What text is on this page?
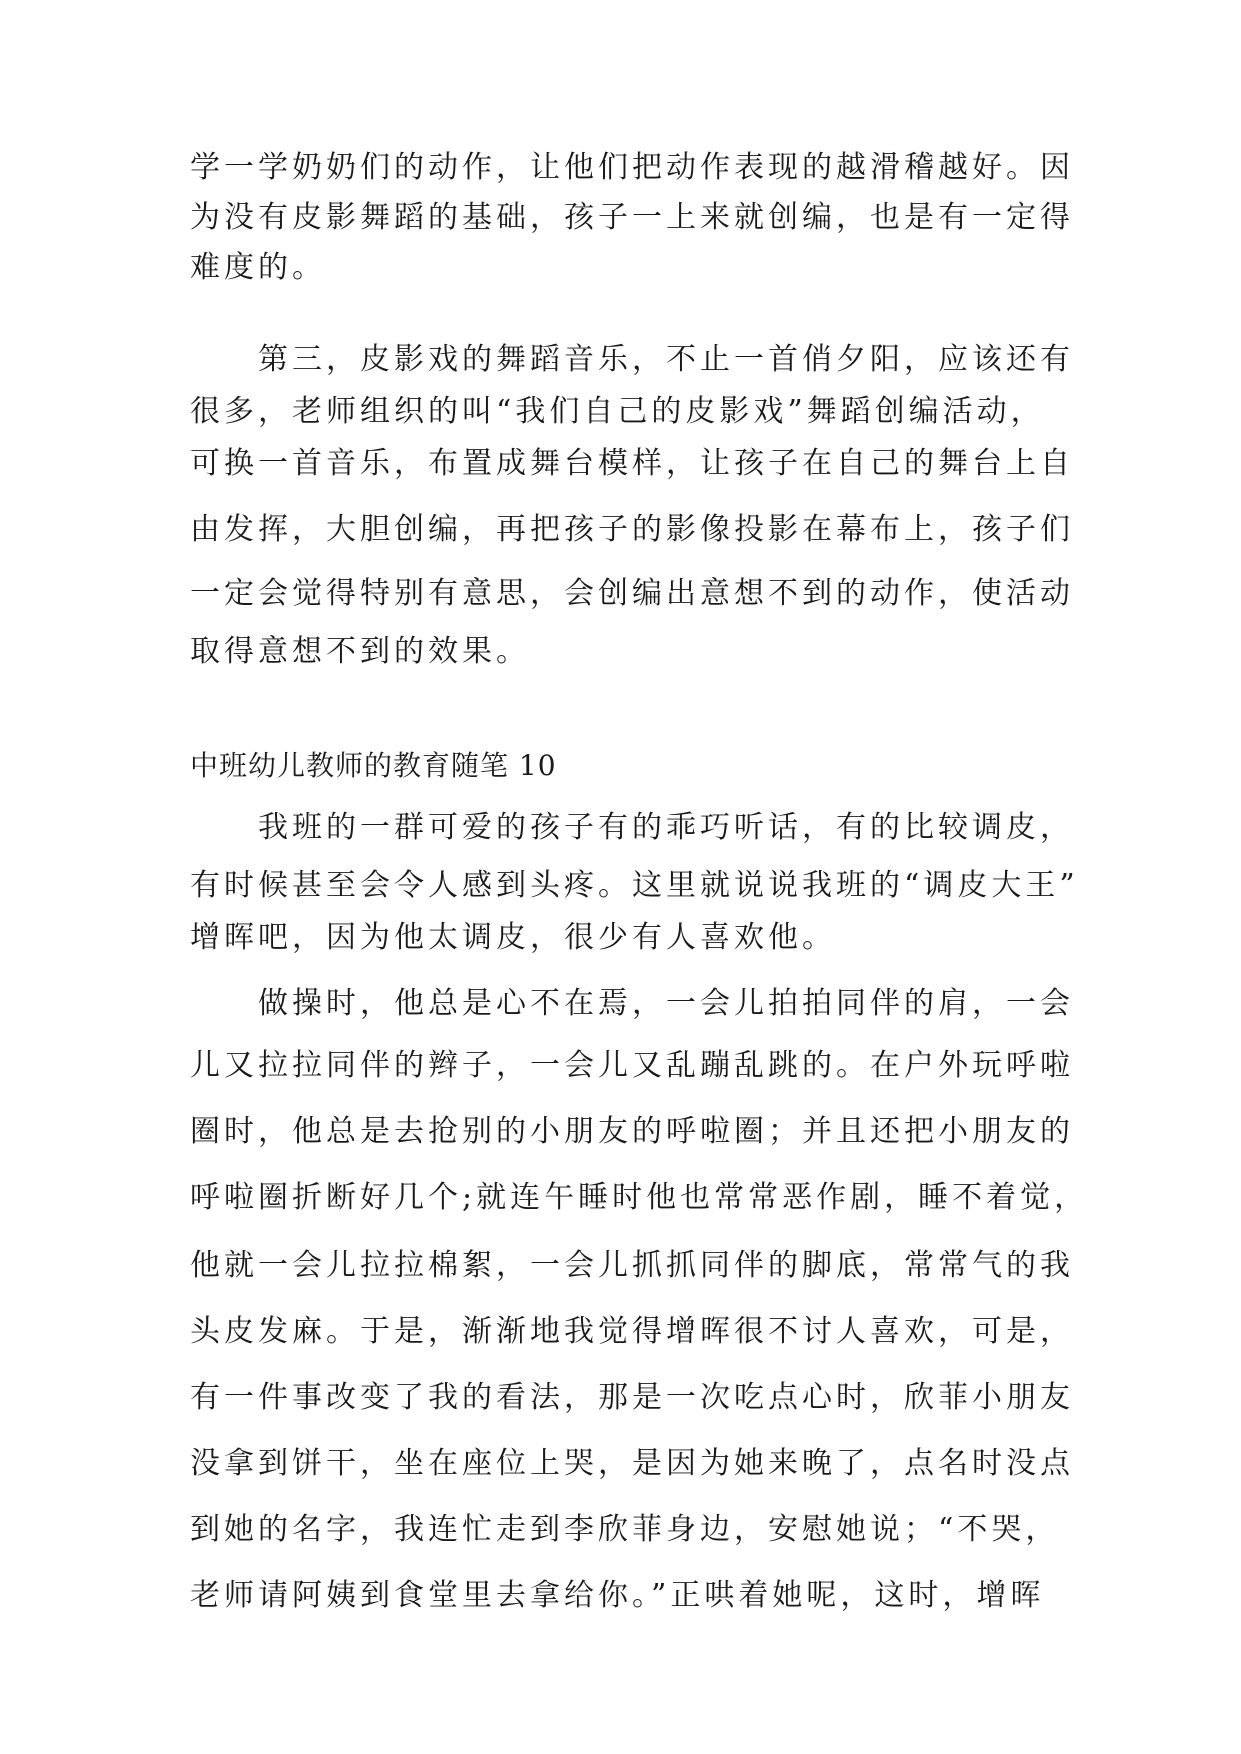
学一学奶奶们的动作，让他们把动作表现的越滑稽越好。因
为没有皮影舞蹈的基础，孩子一上来就创编，也是有一定得
难度的。
第三，皮影戏的舞蹈音乐，不止一首俏夕阳，应该还有
很多，老师组织的叫“我们自己的皮影戏”舞蹈创编活动，
可换一首音乐，布置成舞台模样，让孩子在自己的舞台上自
由发挥，大胆创编，再把孩子的影像投影在幕布上，孩子们
一定会觉得特别有意思，会创编出意想不到的动作，使活动
取得意想不到的效果。
中班幼儿教师的教育随笔 10
我班的一群可爱的孩子有的乖巧听话，有的比较调皮，
有时候甚至会令人感到头疼。这里就说说我班的“调皮大王”
增晖吧，因为他太调皮，很少有人喜欢他。
做操时，他总是心不在焉，一会儿拍拍同伴的肩，一会
儿又拉拉同伴的辫子，一会儿又乱蹦乱跳的。在户外玩呼啦
圈时，他总是去抢别的小朋友的呼啦圈；并且还把小朋友的
呼啦圈折断好几个;就连午睡时他也常常恶作剧，睡不着觉，
他就一会儿拉拉棉絮，一会儿抓抓同伴的脚底，常常气的我
头皮发麻。于是，渐渐地我觉得增晖很不讨人喜欢，可是，
有一件事改变了我的看法，那是一次吃点心时，欣菲小朋友
没拿到饼干，坐在座位上哭，是因为她来晚了，点名时没点
到她的名字，我连忙走到李欣菲身边，安慰她说；“不哭，
老师请阿姨到食堂里去拿给你。”正哄着她呢，这时，增晖
